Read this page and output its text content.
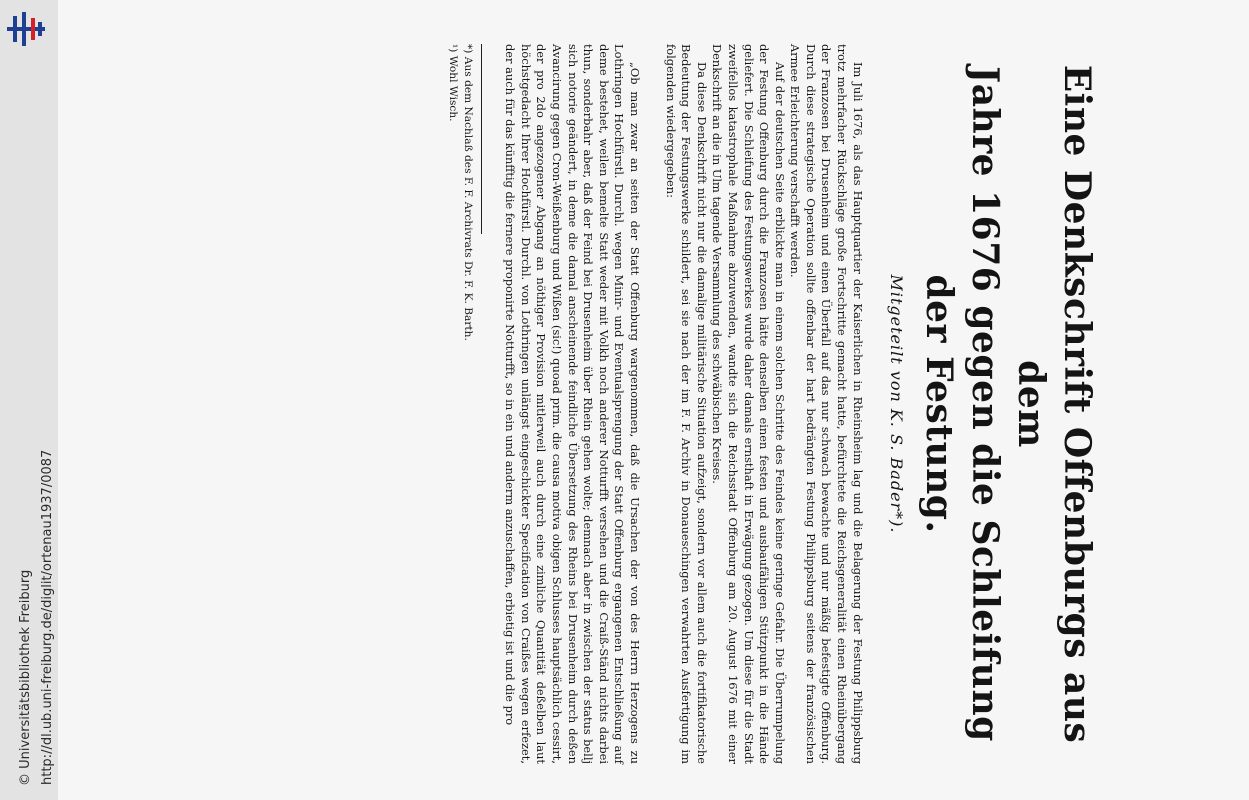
http://dl.ub.uni-freiburg.de/diglit/ortenau1937/0087
© Universitätsbibliothek Freiburg	Eine Denkschrift Offenburgs aus dem
Jahre 1676 gegen die Schleifung
der Festung.
Mitgeteilt von K. S. Bader*).

Im Juli 1676, als das Hauptquartier der Kaiserlichen in Rheinsheim lag und die Belagerung der Festung Philippsburg trotz mehrfacher Rückschläge große Fortschritte gemacht hatte, befürchtete die Reichsgeneralität einen Rheinübergang der Franzosen bei Drusenheim und einen Überfall auf das nur schwach bewachte und nur mäßig befestigte Offenburg. Durch diese strategische Operation sollte offenbar der hart bedrängten Festung Philippsburg seitens der französischen Armee Erleichterung verschafft werden.

Auf der deutschen Seite erblickte man in einem solchen Schritte des Feindes keine geringe Gefahr. Die Überrumpelung der Festung Offenburg durch die Franzosen hätte denselben einen festen und ausbaufähigen Stützpunkt in die Hände geliefert. Die Schleifung des Festungswerkes wurde daher damals ernsthaft in Erwägung gezogen. Um diese für die Stadt zweifellos katastrophale Maßnahme abzuwenden, wandte sich die Reichsstadt Offenburg am 20. August 1676 mit einer Denkschrift an die in Ulm tagende Versammlung des schwäbischen Kreises.

Da diese Denkschrift nicht nur die damalige militärische Situation aufzeigt, sondern vor allem auch die fortifikatorische Bedeutung der Festungswerke schildert, sei sie nach der im F. F. Archiv in Donaueschingen verwahrten Ausfertigung im folgenden wiedergegeben:

„Ob man zwar an seiten der Statt Offenburg wargenommen, daß die Ursachen der von des Herrn Herzogens zu Lothringen Hochfürstl. Durchl. wegen Minir- und Eventualsprengung der Statt Offenburg ergangenen Entschließung auf deme bestehet, weilen bemelte Statt weder mit Volkh noch anderer Notturfft versehen und die Craiß-Ständ nichts darbei thun, sonderbahr aber, daß der Feind bei Drusenheim über Rhein gehen wolte; demnach aber in zwischen der status bellj sich notorie geändert, in deme die damal anscheinende feindliche Übersetzung des Rheins bei Drusenheim durch deßen Avancirung gegen Cron-Weißenburg und Wißen (sic!) quoad prim. die causa motiva obigen Schlusses hauptsächlich cessirt, der pro 2do angezogener Abgang an nöthiger Provision mitlerweil auch durch eine zimliche Quantität deßelben laut höchstgedacht Ihrer Hochfürstl. Durchl. von Lothringen unlängst eingeschickter Specification von Craißes wegen erfezet, der auch für das künfftig die fernere proponirte Notturfft, so in ein und anderm anzuschaffen, erbietig ist und die pro

*) Aus dem Nachlaß des F. F. Archivrats Dr. F. K. Barth.

¹) Wohl Wisch.
